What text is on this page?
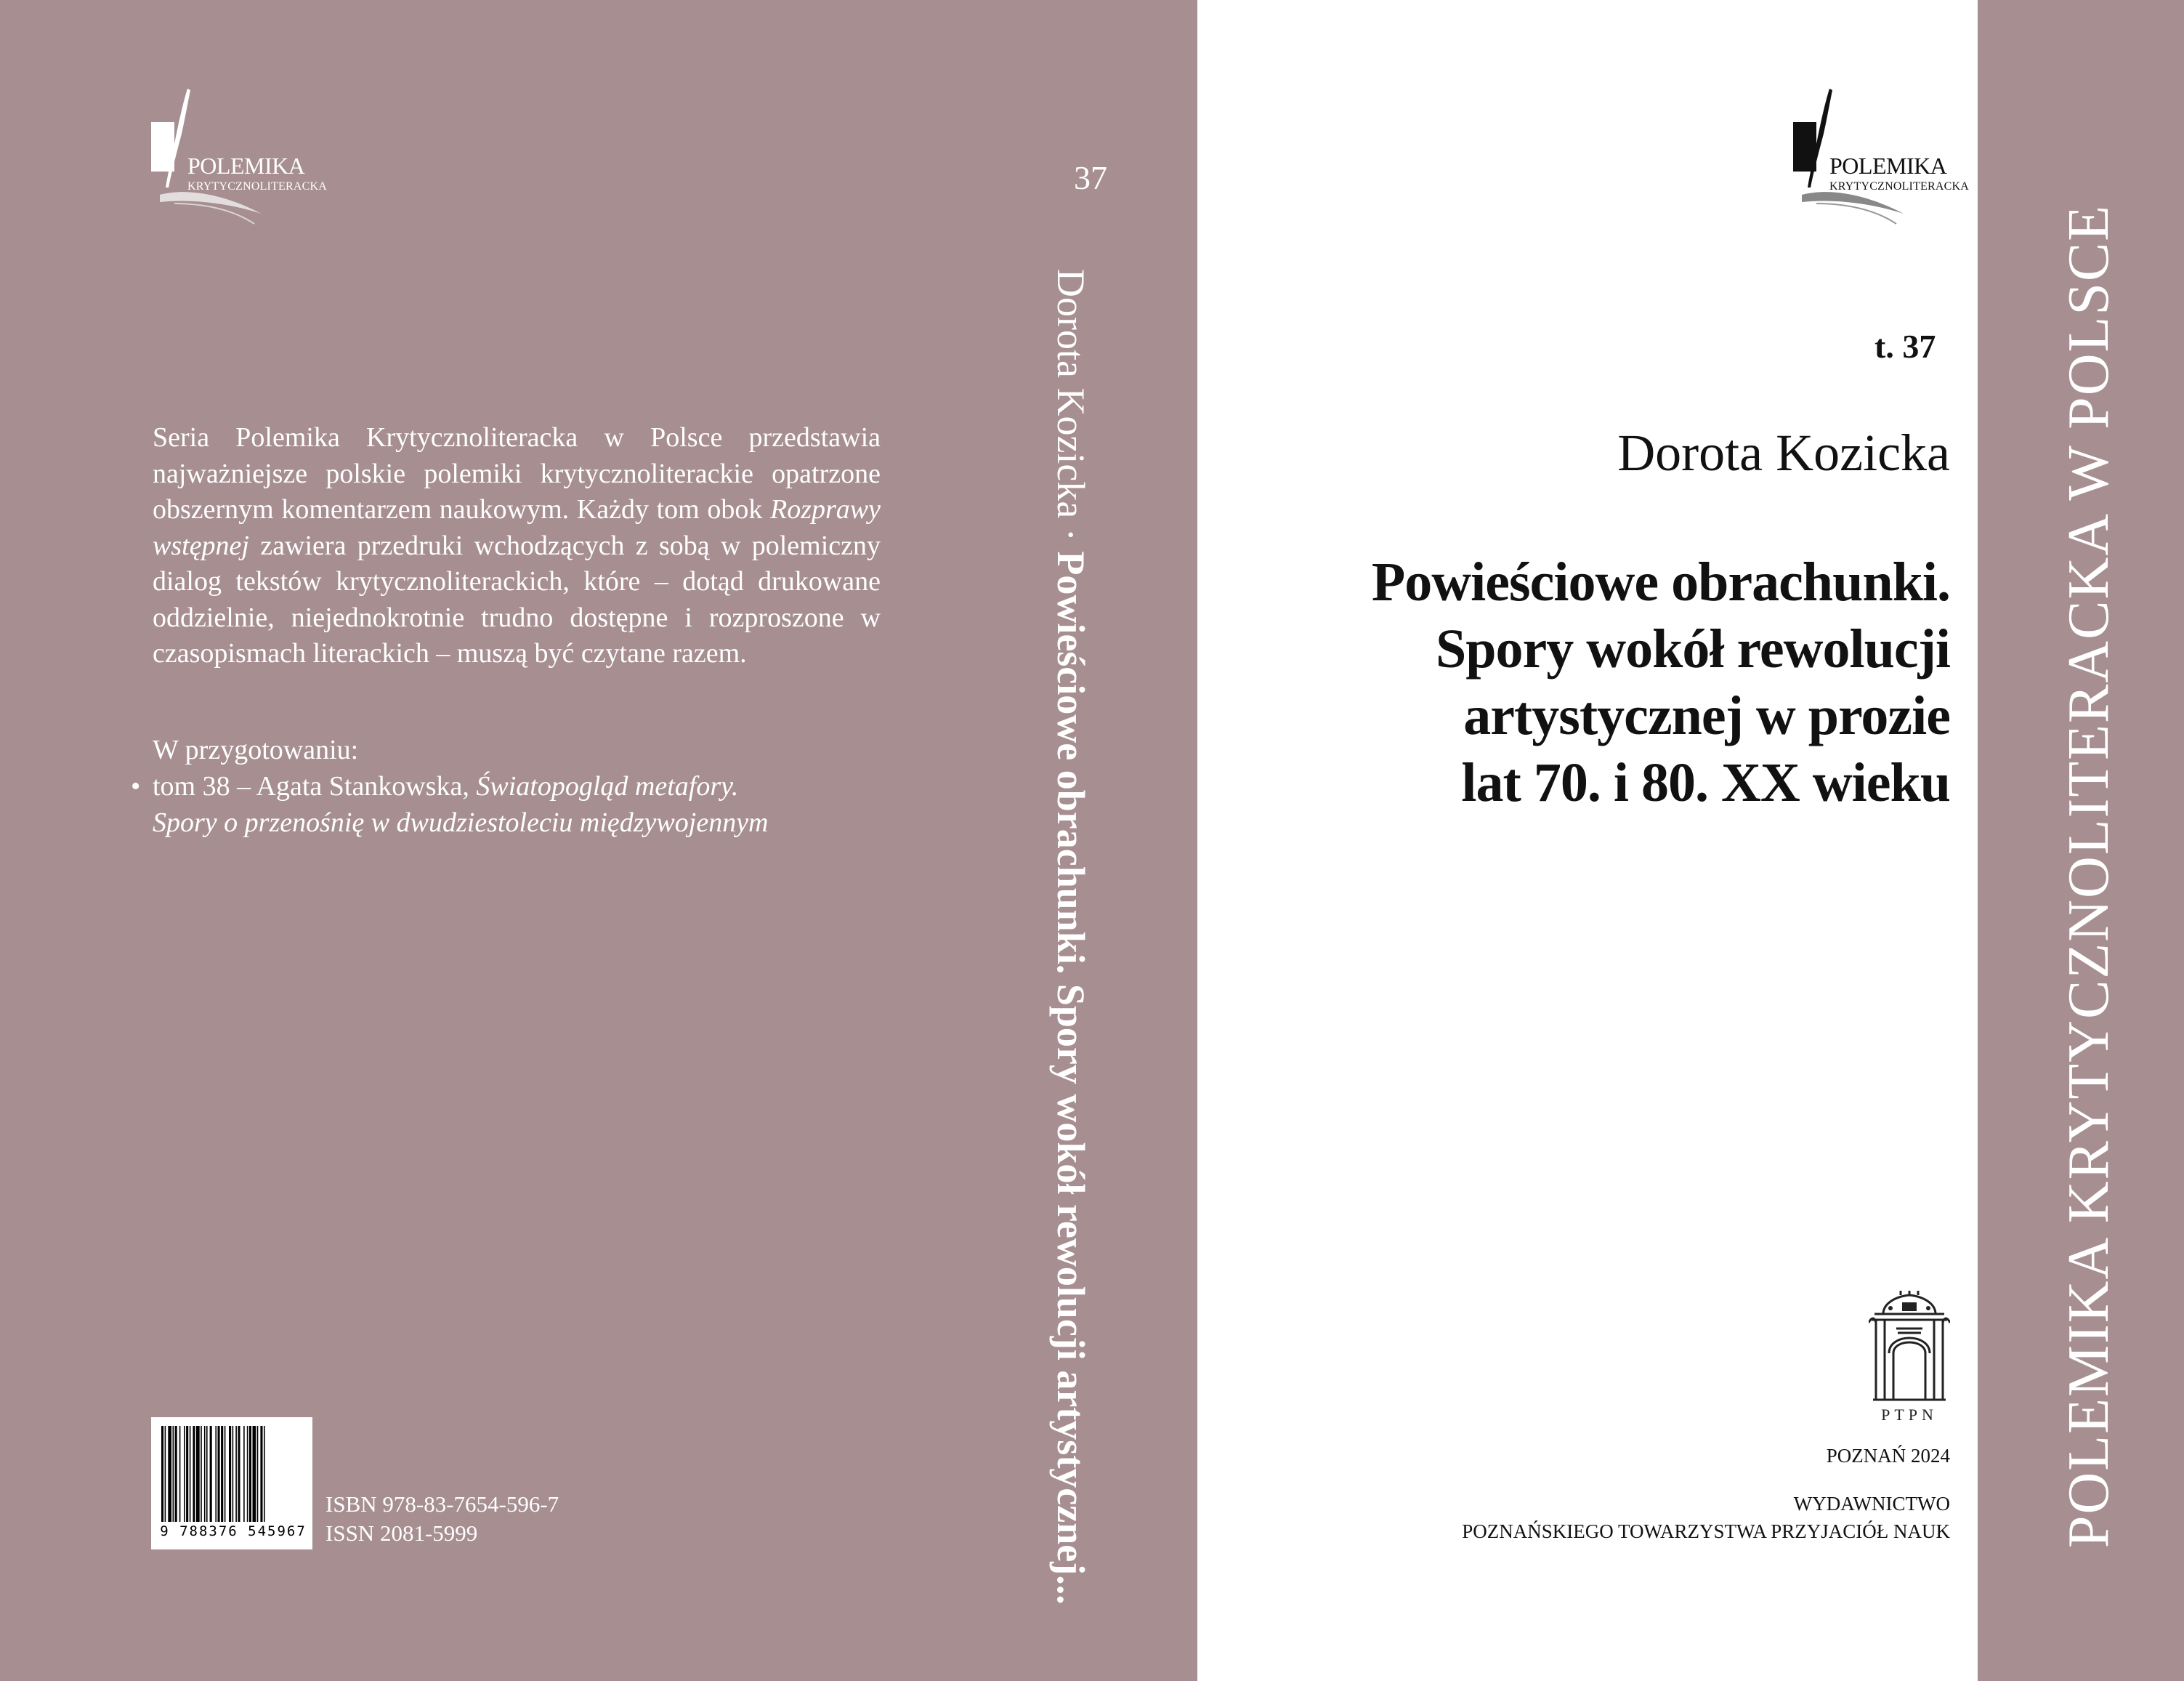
POLEMIKA
KRYTYCZNOLITERACKA
Seria Polemika Krytycznoliteracka w Polsce przedstawia najważniejsze polskie polemiki krytycznoliterackie opatrzone obszernym komentarzem naukowym. Każdy tom obok Rozprawy wstępnej zawiera przedruki wchodzących z sobą w polemiczny dialog tekstów krytycznoliterackich, które – dotąd drukowane oddzielnie, niejednokrotnie trudno dostępne i rozproszone w czasopismach literackich – muszą być czytane razem.
W przygotowaniu:
• tom 38 – Agata Stankowska, Światopogląd metafory.
Spory o przenośnię w dwudziestoleciu międzywojennym
9 788376 545967
ISBN 978-83-7654-596-7
ISSN 2081-5999
37
Dorota Kozicka · Powieściowe obrachunki. Spory wokół rewolucji artystycznej...
POLEMIKA
KRYTYCZNOLITERACKA
t. 37
Dorota Kozicka
Powieściowe obrachunki.
Spory wokół rewolucji
artystycznej w prozie
lat 70. i 80. XX wieku
PTPN
POZNAŃ 2024
WYDAWNICTWO
POZNAŃSKIEGO TOWARZYSTWA PRZYJACIÓŁ NAUK POLEMIKA KRYTYCZNOLITERACKA W POLSCE
